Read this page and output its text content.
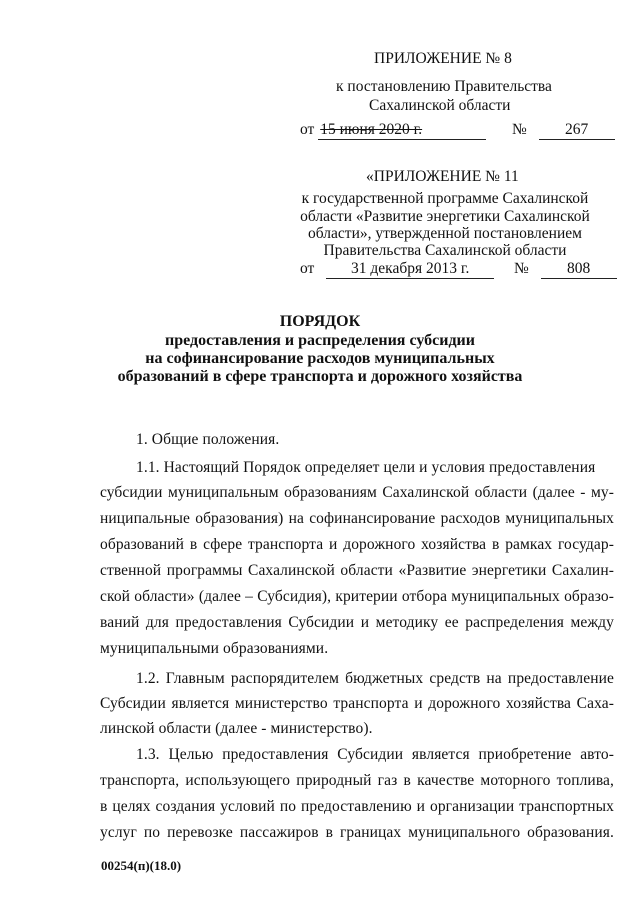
ПРИЛОЖЕНИЕ № 8
к постановлению Правительства
Сахалинской области
от 15 июня 2020 г.	№ 267
«ПРИЛОЖЕНИЕ № 11
к государственной программе Сахалинской
области «Развитие энергетики Сахалинской
области», утвержденной постановлением
Правительства Сахалинской области
от 31 декабря 2013 г.	№ 808
ПОРЯДОК
предоставления и распределения субсидии
на софинансирование расходов муниципальных
образований в сфере транспорта и дорожного хозяйства
1. Общие положения.
1.1. Настоящий Порядок определяет цели и условия предоставления
субсидии муниципальным образованиям Сахалинской области (далее - му-
ниципальные образования) на софинансирование расходов муниципальных
образований в сфере транспорта и дорожного хозяйства в рамках государ-
ственной программы Сахалинской области «Развитие энергетики Сахалин-
ской области» (далее – Субсидия), критерии отбора муниципальных образо-
ваний для предоставления Субсидии и методику ее распределения между
муниципальными образованиями.
1.2. Главным распорядителем бюджетных средств на предоставление
Субсидии является министерство транспорта и дорожного хозяйства Саха-
линской области (далее - министерство).
1.3. Целью предоставления Субсидии является приобретение авто-
транспорта, использующего природный газ в качестве моторного топлива,
в целях создания условий по предоставлению и организации транспортных
услуг по перевозке пассажиров в границах муниципального образования.
00254(п)(18.0)
